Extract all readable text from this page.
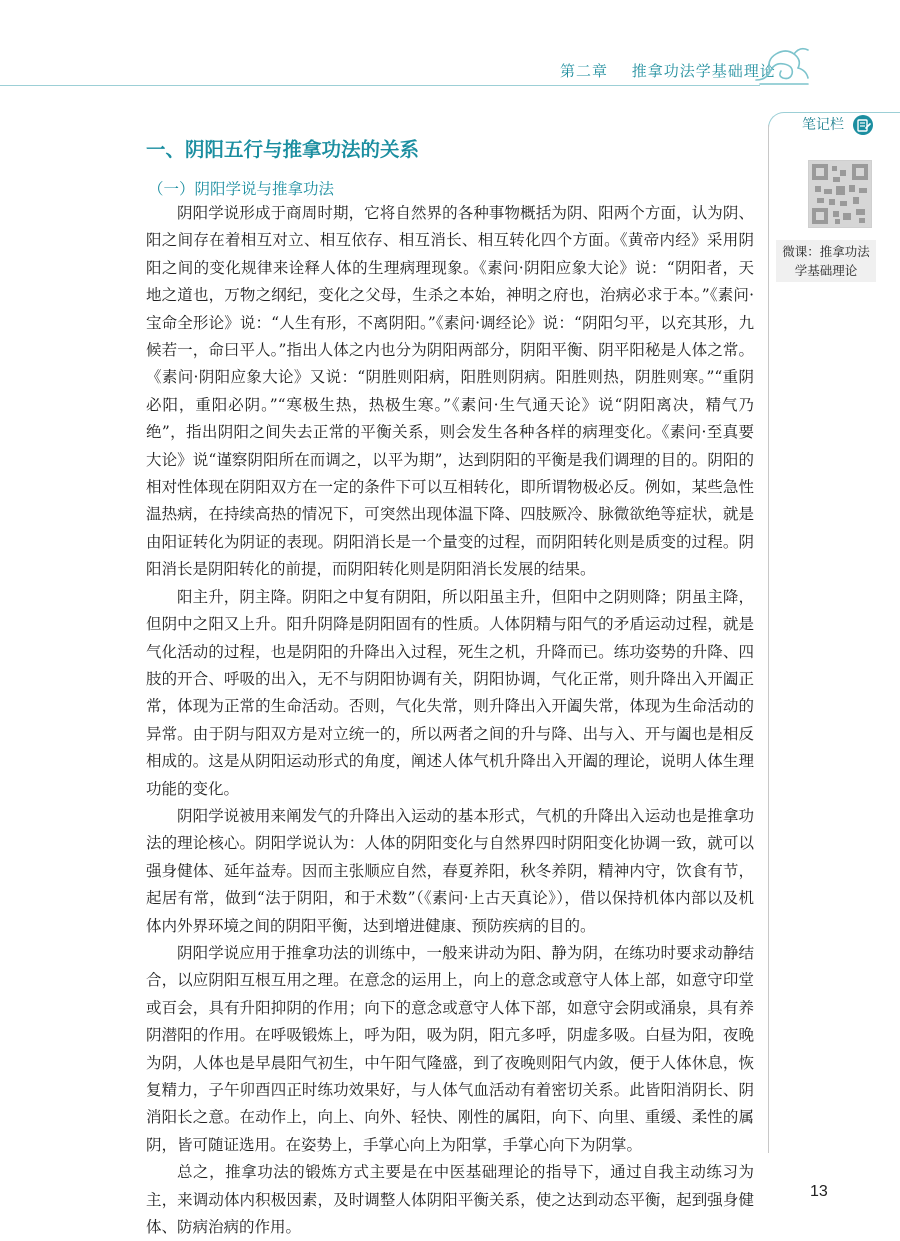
第二章 推拿功法学基础理论
笔记栏
微课：推拿功法学基础理论
一、阴阳五行与推拿功法的关系
（一）阴阳学说与推拿功法

阴阳学说形成于商周时期，它将自然界的各种事物概括为阴、阳两个方面，认为阴、阳之间存在着相互对立、相互依存、相互消长、相互转化四个方面。《黄帝内经》采用阴阳之间的变化规律来诠释人体的生理病理现象。《素问·阴阳应象大论》说：“阴阳者，天地之道也，万物之纲纪，变化之父母，生杀之本始，神明之府也，治病必求于本。”《素问·宝命全形论》说：“人生有形，不离阴阳。”《素问·调经论》说：“阴阳匀平，以充其形，九候若一，命曰平人。”指出人体之内也分为阴阳两部分，阴阳平衡、阴平阳秘是人体之常。《素问·阴阳应象大论》又说：“阴胜则阳病，阳胜则阴病。阳胜则热，阴胜则寒。”“重阴必阳，重阳必阴。”“寒极生热，热极生寒。”《素问·生气通天论》说“阴阳离决，精气乃绝”，指出阴阳之间失去正常的平衡关系，则会发生各种各样的病理变化。《素问·至真要大论》说“谨察阴阳所在而调之，以平为期”，达到阴阳的平衡是我们调理的目的。阴阳的相对性体现在阴阳双方在一定的条件下可以互相转化，即所谓物极必反。例如，某些急性温热病，在持续高热的情况下，可突然出现体温下降、四肢厥冷、脉微欲绝等症状，就是由阳证转化为阴证的表现。阴阳消长是一个量变的过程，而阴阳转化则是质变的过程。阴阳消长是阴阳转化的前提，而阴阳转化则是阴阳消长发展的结果。

阳主升，阴主降。阴阳之中复有阴阳，所以阳虽主升，但阳中之阴则降；阴虽主降，但阴中之阳又上升。阳升阴降是阴阳固有的性质。人体阴精与阳气的矛盾运动过程，就是气化活动的过程，也是阴阳的升降出入过程，死生之机，升降而已。练功姿势的升降、四肢的开合、呼吸的出入，无不与阴阳协调有关，阴阳协调，气化正常，则升降出入开阖正常，体现为正常的生命活动。否则，气化失常，则升降出入开阖失常，体现为生命活动的异常。由于阴与阳双方是对立统一的，所以两者之间的升与降、出与入、开与阖也是相反相成的。这是从阴阳运动形式的角度，阐述人体气机升降出入开阖的理论，说明人体生理功能的变化。

阴阳学说被用来阐发气的升降出入运动的基本形式，气机的升降出入运动也是推拿功法的理论核心。阴阳学说认为：人体的阴阳变化与自然界四时阴阳变化协调一致，就可以强身健体、延年益寿。因而主张顺应自然，春夏养阳，秋冬养阴，精神内守，饮食有节，起居有常，做到“法于阴阳，和于术数”（《素问·上古天真论》），借以保持机体内部以及机体内外界环境之间的阴阳平衡，达到增进健康、预防疾病的目的。

阴阳学说应用于推拿功法的训练中，一般来讲动为阳、静为阴，在练功时要求动静结合，以应阴阳互根互用之理。在意念的运用上，向上的意念或意守人体上部，如意守印堂或百会，具有升阳抑阴的作用；向下的意念或意守人体下部，如意守会阴或涌泉，具有养阴潜阳的作用。在呼吸锻炼上，呼为阳，吸为阴，阳亢多呼，阴虚多吸。白昼为阳，夜晚为阴，人体也是早晨阳气初生，中午阳气隆盛，到了夜晚则阳气内敛，便于人体休息，恢复精力，子午卯酉四正时练功效果好，与人体气血活动有着密切关系。此皆阳消阴长、阴消阳长之意。在动作上，向上、向外、轻快、刚性的属阳，向下、向里、重缓、柔性的属阴，皆可随证选用。在姿势上，手掌心向上为阳掌，手掌心向下为阴掌。

总之，推拿功法的锻炼方式主要是在中医基础理论的指导下，通过自我主动练习为主，来调动体内积极因素，及时调整人体阴阳平衡关系，使之达到动态平衡，起到强身健体、防病治病的作用。

13
